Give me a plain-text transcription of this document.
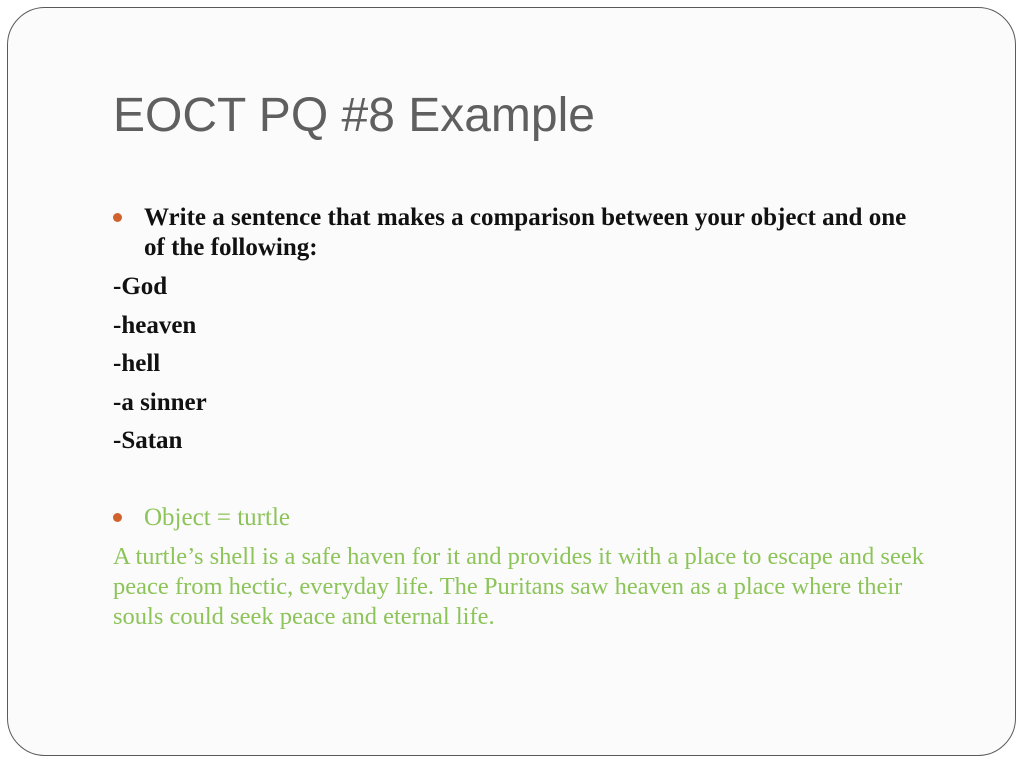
EOCT PQ #8 Example
Write a sentence that makes a comparison between your object and one of the following:
-God
-heaven
-hell
-a sinner
-Satan
Object = turtle
A turtle’s shell is a safe haven for it and provides it with a place to escape and seek peace from hectic, everyday life. The Puritans saw heaven as a place where their souls could seek peace and eternal life.
